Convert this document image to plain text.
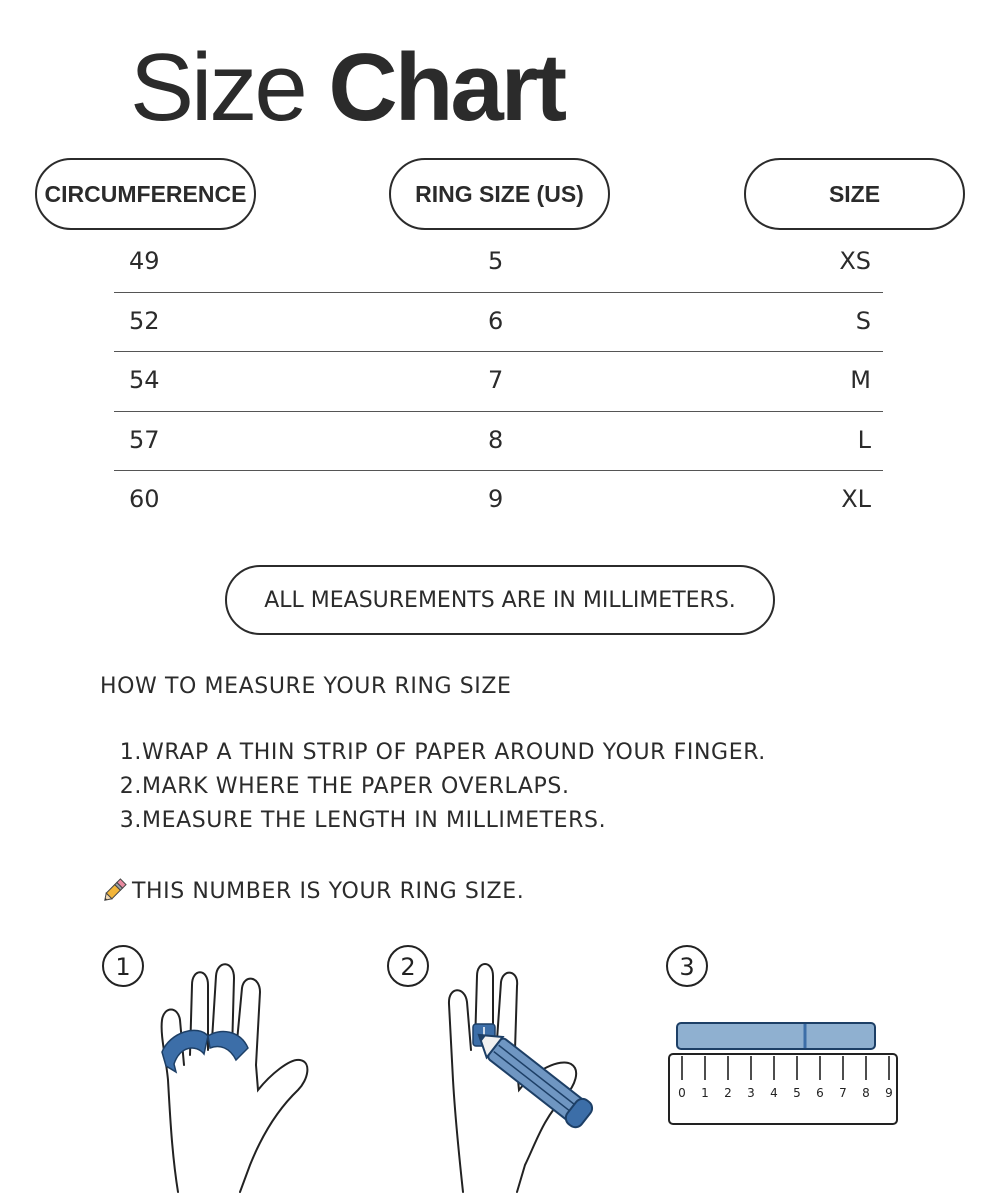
Size Chart
CIRCUMFERENCE	RING SIZE (US)	SIZE
49	5	XS
52	6	S
54	7	M
57	8	L
60	9	XL
ALL MEASUREMENTS ARE IN MILLIMETERS.
HOW TO MEASURE YOUR RING SIZE
1. WRAP A THIN STRIP OF PAPER AROUND YOUR FINGER.
2. MARK WHERE THE PAPER OVERLAPS.
3. MEASURE THE LENGTH IN MILLIMETERS.
THIS NUMBER IS YOUR RING SIZE.
1	2	3
0 1 2 3 4 5 6 7 8 9
